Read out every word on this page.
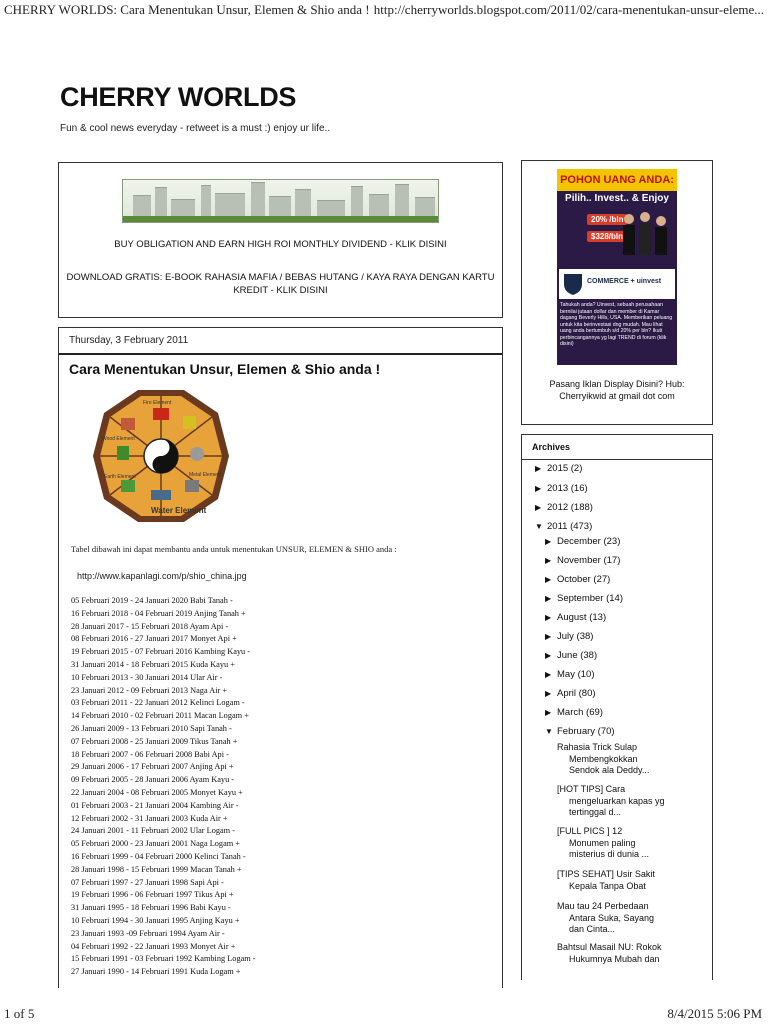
CHERRY WORLDS: Cara Menentukan Unsur, Elemen & Shio anda ! http://cherryworlds.blogspot.com/2011/02/cara-menentukan-unsur-eleme...
CHERRY WORLDS
Fun & cool news everyday - retweet is a must :) enjoy ur life..
BUY OBLIGATION AND EARN HIGH ROI MONTHLY DIVIDEND - KLIK DISINI
DOWNLOAD GRATIS: E-BOOK RAHASIA MAFIA / BEBAS HUTANG / KAYA RAYA DENGAN KARTU
KREDIT - KLIK DISINI
Thursday, 3 February 2011
Cara Menentukan Unsur, Elemen & Shio anda !
Water Element
Fire Element
Wood Element
Earth Element	Metal Element
Tabel dibawah ini dapat membantu anda untuk menentukan UNSUR, ELEMEN & SHIO anda :
http://www.kapanlagi.com/p/shio_china.jpg
05 Februari 2019 - 24 Januari 2020 Babi Tanah -
16 Februari 2018 - 04 Februari 2019 Anjing Tanah +
28 Januari 2017 - 15 Februari 2018 Ayam Api -
08 Februari 2016 - 27 Januari 2017 Monyet Api +
19 Februari 2015 - 07 Februari 2016 Kambing Kayu -
31 Januari 2014 - 18 Februari 2015 Kuda Kayu +
10 Februari 2013 - 30 Januari 2014 Ular Air -
23 Januari 2012 - 09 Februari 2013 Naga Air +
03 Februari 2011 - 22 Januari 2012 Kelinci Logam -
14 Februari 2010 - 02 Februari 2011 Macan Logam +
26 Januari 2009 - 13 Februari 2010 Sapi Tanah -
07 Februari 2008 - 25 Januari 2009 Tikus Tanah +
18 Februari 2007 - 06 Februari 2008 Babi Api -
29 Januari 2006 - 17 Februari 2007 Anjing Api +
09 Februari 2005 - 28 Januari 2006 Ayam Kayu -
22 Januari 2004 - 08 Februari 2005 Monyet Kayu +
01 Februari 2003 - 21 Januari 2004 Kambing Air -
12 Februari 2002 - 31 Januari 2003 Kuda Air +
24 Januari 2001 - 11 Februari 2002 Ular Logam -
05 Februari 2000 - 23 Januari 2001 Naga Logam +
16 Februari 1999 - 04 Februari 2000 Kelinci Tanah -
28 Januari 1998 - 15 Februari 1999 Macan Tanah +
07 Februari 1997 - 27 Januari 1998 Sapi Api -
19 Februari 1996 - 06 Februari 1997 Tikus Api +
31 Januari 1995 - 18 Februari 1996 Babi Kayu -
10 Februari 1994 - 30 Januari 1995 Anjing Kayu +
23 Januari 1993 -09 Februari 1994 Ayam Air -
04 Februari 1992 - 22 Januari 1993 Monyet Air +
15 Februari 1991 - 03 Februari 1992 Kambing Logam -
27 Januari 1990 - 14 Februari 1991 Kuda Logam +
POHON UANG ANDA:
Pilih.. Invest.. & Enjoy
20% /bln
$328/bln
COMMERCE + uinvest
Tahukah anda? Uinvest, sebuah perusahaan bernilai jutaan dollar dan member di Kamar dagang Beverly Hills, USA. Memberikan peluang untuk kita berinvestasi dng mudah. Mau lihat uang anda bertumbuh s/d 20% per bln? Ikuti perbincangannya yg lagi TREND di forum (klik disini)
Pasang Iklan Display Disini? Hub:
Cherryikwid at gmail dot com
Archives
▶ 2015 (2)
▶ 2013 (16)
▶ 2012 (188)
▼ 2011 (473)
▶ December (23)
▶ November (17)
▶ October (27)
▶ September (14)
▶ August (13)
▶ July (38)
▶ June (38)
▶ May (10)
▶ April (80)
▶ March (69)
▼ February (70)
Rahasia Trick Sulap
Membengkokkan
Sendok ala Deddy...
[HOT TIPS] Cara
mengeluarkan kapas yg
tertinggal d...
[FULL PICS ] 12
Monumen paling
misterius di dunia ...
[TIPS SEHAT] Usir Sakit
Kepala Tanpa Obat
Mau tau 24 Perbedaan
Antara Suka, Sayang
dan Cinta...
Bahtsul Masail NU: Rokok
Hukumnya Mubah dan
1 of 5	8/4/2015 5:06 PM
